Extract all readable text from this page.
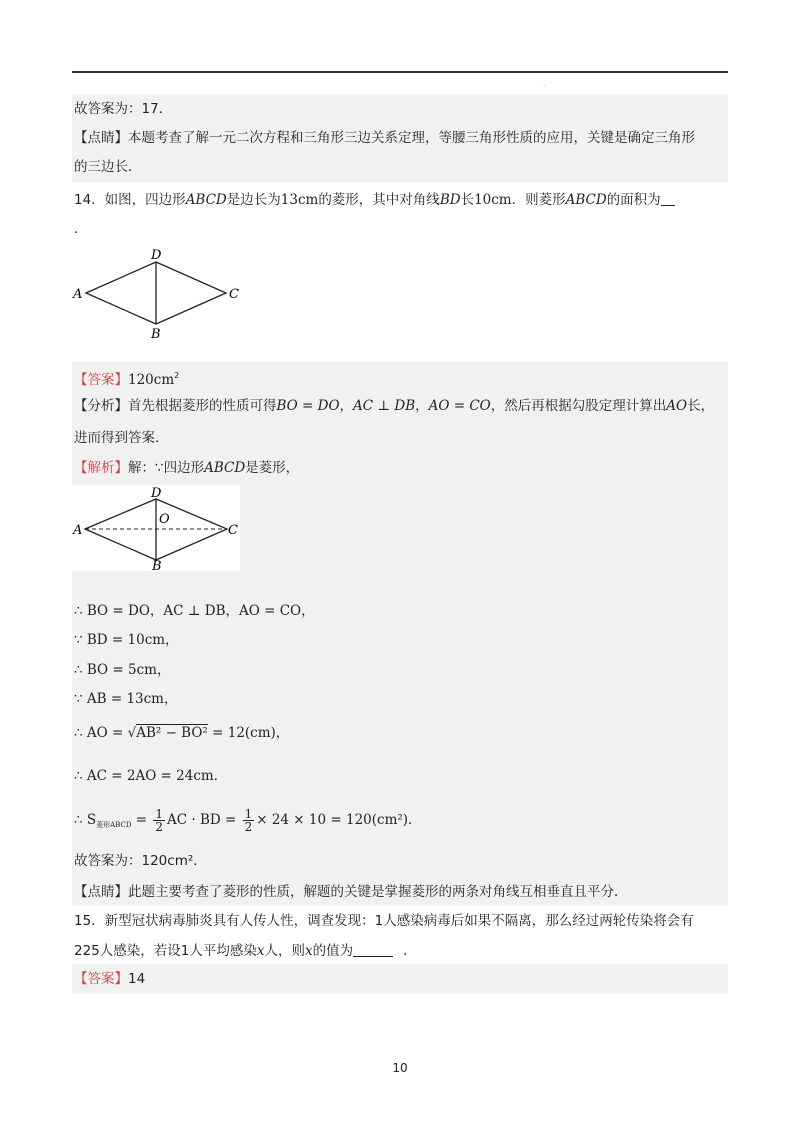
.
故答案为：17．
【点睛】本题考查了解一元二次方程和三角形三边关系定理，等腰三角形性质的应用，关键是确定三角形
的三边长．
14．如图，四边形ABCD是边长为13cm的菱形，其中对角线BD长10cm．则菱形ABCD的面积为
．
D
A	C
B
【答案】$120cm^2$
【分析】首先根据菱形的性质可得BO = DO，AC ⊥ DB，AO = CO，然后再根据勾股定理计算出AO长，
进而得到答案．
【解析】解：∵四边形ABCD是菱形，
D
A	C
B
O
∴ BO = DO，AC ⊥ DB，AO = CO，
∵ BD = 10cm，
∴ BO = 5cm，
∵ AB = 13cm，
∴ AO = √AB² − BO² = 12(cm)，
∴ AC = 2AO = 24cm．
∴ $S_{菱形ABCD} = \frac{1}{2}$ AC · BD = $\frac{1}{2} \times 24 \times 10 = 120(cm^2)$．
故答案为：120cm²．
【点睛】此题主要考查了菱形的性质，解题的关键是掌握菱形的两条对角线互相垂直且平分．
15．新型冠状病毒肺炎具有人传人性，调查发现：1人感染病毒后如果不隔离，那么经过两轮传染将会有
225人感染，若设1人平均感染x人，则x的值为	．
【答案】14
10
